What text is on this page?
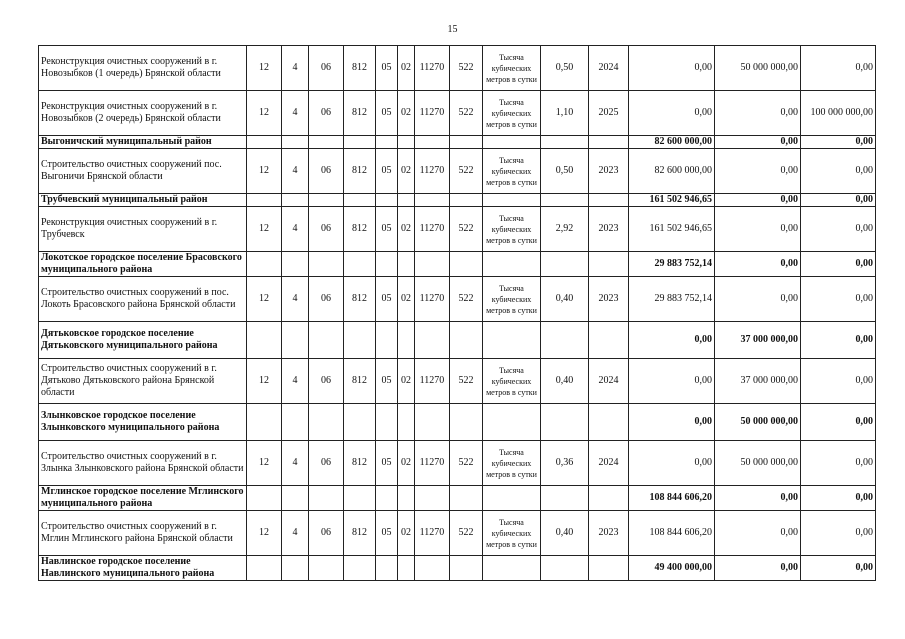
15
Реконструкция очистных сооружений в г. Новозыбков (1 очередь) Брянской области	12	4	06	812	05	02	11270	522	Тысяча кубических метров в сутки	0,50	2024	0,00	50 000 000,00	0,00
Реконструкция очистных сооружений в г. Новозыбков (2 очередь) Брянской области	12	4	06	812	05	02	11270	522	Тысяча кубических метров в сутки	1,10	2025	0,00	0,00	100 000 000,00
Выгоничский муниципальный район												82 600 000,00	0,00	0,00
Строительство очистных сооружений пос. Выгоничи Брянской области	12	4	06	812	05	02	11270	522	Тысяча кубических метров в сутки	0,50	2023	82 600 000,00	0,00	0,00
Трубчевский муниципальный район												161 502 946,65	0,00	0,00
Реконструкция очистных сооружений в г. Трубчевск	12	4	06	812	05	02	11270	522	Тысяча кубических метров в сутки	2,92	2023	161 502 946,65	0,00	0,00
Локотское городское поселение Брасовского муниципального района												29 883 752,14	0,00	0,00
Строительство очистных сооружений в пос. Локоть Брасовского района Брянской области	12	4	06	812	05	02	11270	522	Тысяча кубических метров в сутки	0,40	2023	29 883 752,14	0,00	0,00
Дятьковское городское поселение Дятьковского муниципального района												0,00	37 000 000,00	0,00
Строительство очистных сооружений в г. Дятьково Дятьковского района Брянской области	12	4	06	812	05	02	11270	522	Тысяча кубических метров в сутки	0,40	2024	0,00	37 000 000,00	0,00
Злынковское городское поселение Злынковского муниципального района												0,00	50 000 000,00	0,00
Строительство очистных сооружений в г. Злынка Злынковского района Брянской области	12	4	06	812	05	02	11270	522	Тысяча кубических метров в сутки	0,36	2024	0,00	50 000 000,00	0,00
Мглинское городское поселение Мглинского муниципального района												108 844 606,20	0,00	0,00
Строительство очистных сооружений в г. Мглин Мглинского района Брянской области	12	4	06	812	05	02	11270	522	Тысяча кубических метров в сутки	0,40	2023	108 844 606,20	0,00	0,00
Навлинское городское поселение Навлинского муниципального района												49 400 000,00	0,00	0,00
